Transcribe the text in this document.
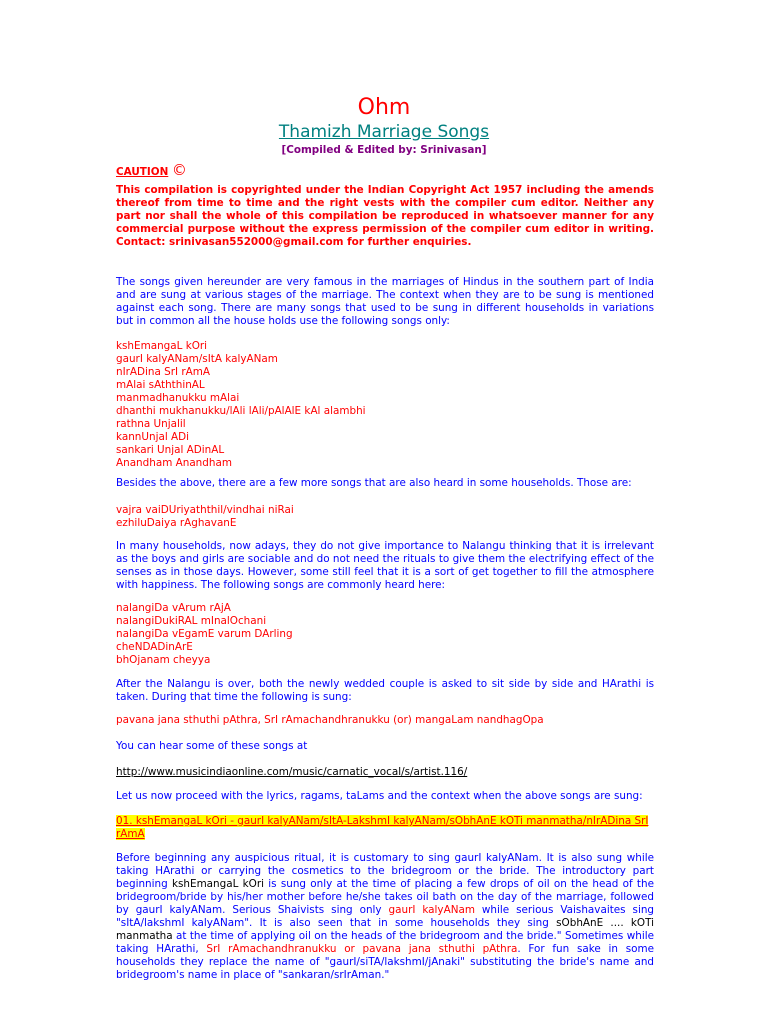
Ohm
Thamizh Marriage Songs
[Compiled & Edited by: Srinivasan]
CAUTION ©
This compilation is copyrighted under the Indian Copyright Act 1957 including the amends thereof from time to time and the right vests with the compiler cum editor. Neither any part nor shall the whole of this compilation be reproduced in whatsoever manner for any commercial purpose without the express permission of the compiler cum editor in writing. Contact: srinivasan552000@gmail.com for further enquiries.
The songs given hereunder are very famous in the marriages of Hindus in the southern part of India and are sung at various stages of the marriage. The context when they are to be sung is mentioned against each song. There are many songs that used to be sung in different households in variations but in common all the house holds use the following songs only:
kshEmangaL kOri
gaurI kalyANam/sItA kalyANam
nIrADina SrI rAmA
mAlai sAththinAL
manmadhanukku mAlai
dhanthi mukhanukku/lAli lAli/pAlAlE kAl alambhi
rathna Unjalil
kannUnjal ADi
sankari Unjal ADinAL
Anandham Anandham
Besides the above, there are a few more songs that are also heard in some households. Those are:
vajra vaiDUriyaththil/vindhai niRai
ezhiluDaiya rAghavanE
In many households, now adays, they do not give importance to Nalangu thinking that it is irrelevant as the boys and girls are sociable and do not need the rituals to give them the electrifying effect of the senses as in those days. However, some still feel that it is a sort of get together to fill the atmosphere with happiness. The following songs are commonly heard here:
nalangiDa vArum rAjA
nalangiDukiRAL mInalOchani
nalangiDa vEgamE varum DArling
cheNDADinArE
bhOjanam cheyya
After the Nalangu is over, both the newly wedded couple is asked to sit side by side and HArathi is taken. During that time the following is sung:
pavana jana sthuthi pAthra, SrI rAmachandhranukku (or) mangaLam nandhagOpa
You can hear some of these songs at
http://www.musicindiaonline.com/music/carnatic_vocal/s/artist.116/
Let us now proceed with the lyrics, ragams, taLams and the context when the above songs are sung:
01. kshEmangaL kOri - gaurI kalyANam/sItA-LakshmI kalyANam/sObhAnE kOTi manmatha/nIrADina SrI rAmA
Before beginning any auspicious ritual, it is customary to sing gaurI kalyANam. It is also sung while taking HArathi or carrying the cosmetics to the bridegroom or the bride. The introductory part beginning kshEmangaL kOri is sung only at the time of placing a few drops of oil on the head of the bridegroom/bride by his/her mother before he/she takes oil bath on the day of the marriage, followed by gaurI kalyANam. Serious Shaivists sing only gaurI kalyANam while serious Vaishavaites sing "sItA/lakshmI kalyANam". It is also seen that in some households they sing sObhAnE .... kOTi manmatha at the time of applying oil on the heads of the bridegroom and the bride." Sometimes while taking HArathi, SrI rAmachandhranukku or pavana jana sthuthi pAthra. For fun sake in some households they replace the name of "gaurI/siTA/lakshmI/jAnaki" substituting the bride's name and bridegroom's name in place of "sankaran/srIrAman."
